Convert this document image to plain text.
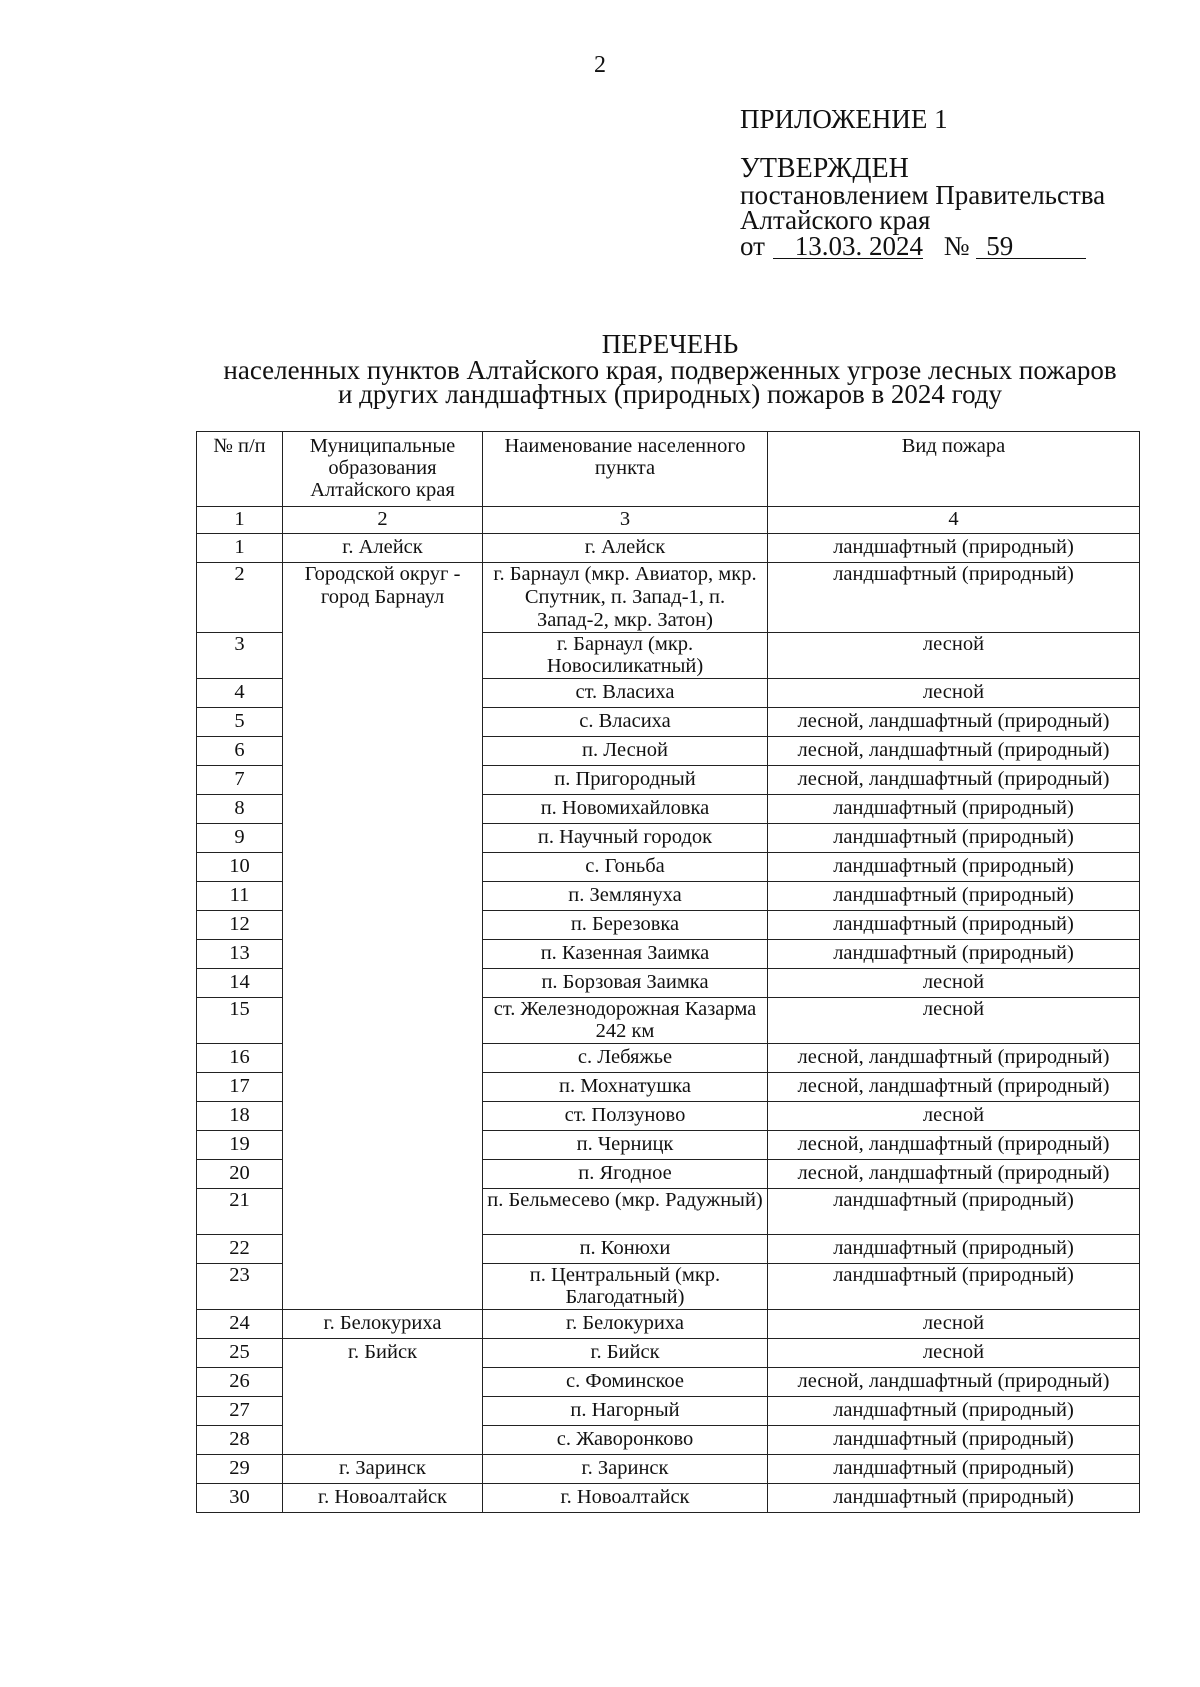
2
ПРИЛОЖЕНИЕ 1
УТВЕРЖДЕН
постановлением Правительства
Алтайского края
от 13.03. 2024 № 59
ПЕРЕЧЕНЬ
населенных пунктов Алтайского края, подверженных угрозе лесных пожаров
и других ландшафтных (природных) пожаров в 2024 году
№ п/п	Муниципальные образования Алтайского края	Наименование населенного пункта	Вид пожара
1	2	3	4
1	г. Алейск	г. Алейск	ландшафтный (природный)
2	Городской округ - город Барнаул	г. Барнаул (мкр. Авиатор, мкр. Спутник, п. Запад-1, п. Запад-2, мкр. Затон)	ландшафтный (природный)
3		г. Барнаул (мкр. Новосиликатный)	лесной
4		ст. Власиха	лесной
5		с. Власиха	лесной, ландшафтный (природный)
6		п. Лесной	лесной, ландшафтный (природный)
7		п. Пригородный	лесной, ландшафтный (природный)
8		п. Новомихайловка	ландшафтный (природный)
9		п. Научный городок	ландшафтный (природный)
10		с. Гоньба	ландшафтный (природный)
11		п. Землянуха	ландшафтный (природный)
12		п. Березовка	ландшафтный (природный)
13		п. Казенная Заимка	ландшафтный (природный)
14		п. Борзовая Заимка	лесной
15		ст. Железнодорожная Казарма 242 км	лесной
16		с. Лебяжье	лесной, ландшафтный (природный)
17		п. Мохнатушка	лесной, ландшафтный (природный)
18		ст. Ползуново	лесной
19		п. Черницк	лесной, ландшафтный (природный)
20		п. Ягодное	лесной, ландшафтный (природный)
21		п. Бельмесево (мкр. Радужный)	ландшафтный (природный)
22		п. Конюхи	ландшафтный (природный)
23		п. Центральный (мкр. Благодатный)	ландшафтный (природный)
24	г. Белокуриха	г. Белокуриха	лесной
25	г. Бийск	г. Бийск	лесной
26		с. Фоминское	лесной, ландшафтный (природный)
27		п. Нагорный	ландшафтный (природный)
28		с. Жаворонково	ландшафтный (природный)
29	г. Заринск	г. Заринск	ландшафтный (природный)
30	г. Новоалтайск	г. Новоалтайск	ландшафтный (природный)
